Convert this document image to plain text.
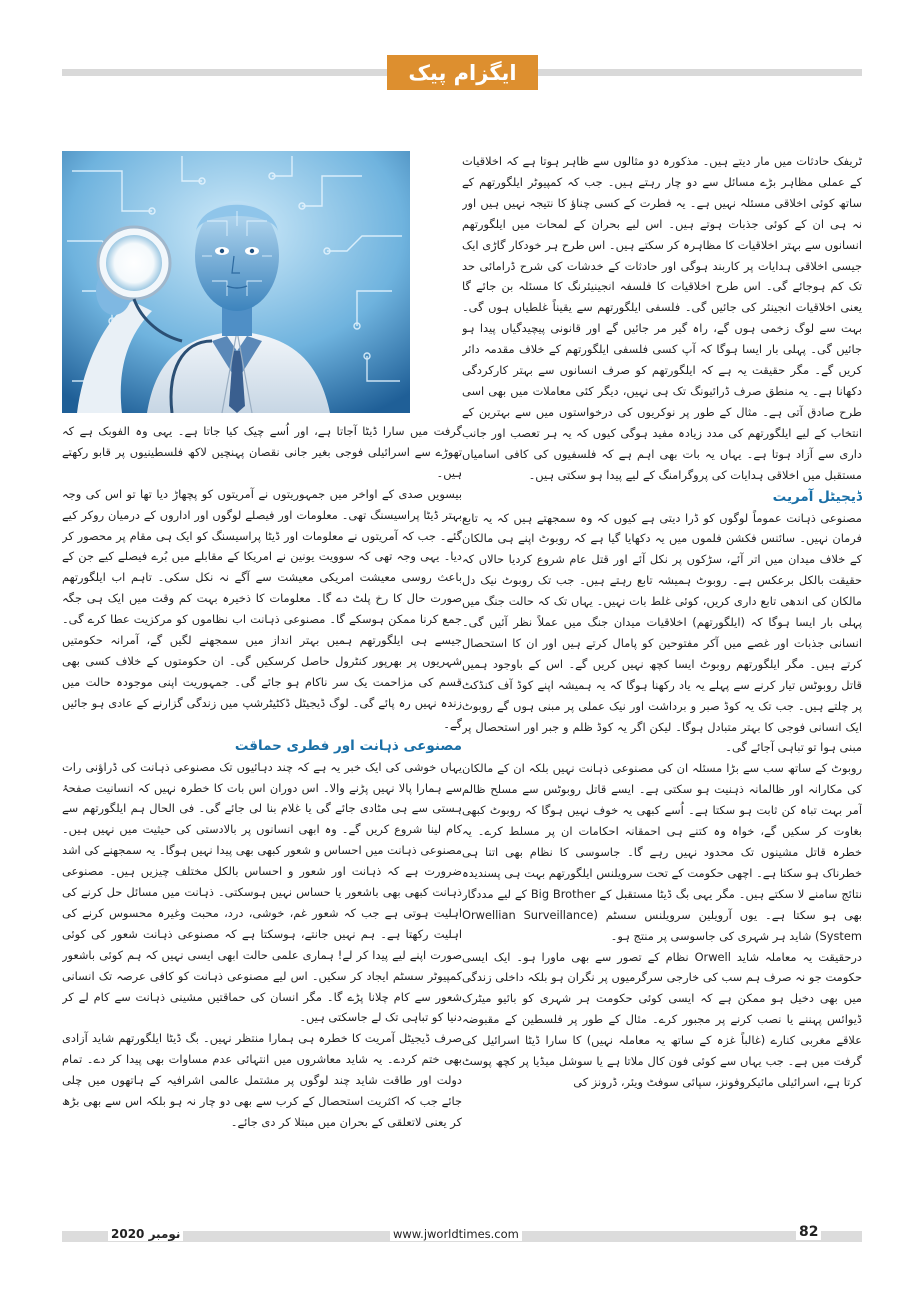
ایگزام پیک

ٹریفک حادثات میں مار دیتے ہیں۔ مذکورہ دو مثالوں سے ظاہر ہوتا ہے کہ اخلاقیات کے عملی مظاہر بڑے مسائل سے دو چار رہتے ہیں۔ جب کہ کمپیوٹر ایلگورتھم کے ساتھ کوئی اخلاقی مسئلہ نہیں ہے۔ یہ فطرت کے کسی چناؤ کا نتیجہ نہیں ہیں اور نہ ہی ان کے کوئی جذبات ہوتے ہیں۔ اس لیے بحران کے لمحات میں ایلگورتھم انسانوں سے بہتر اخلاقیات کا مظاہرہ کر سکتے ہیں۔ اس طرح ہر خودکار گاڑی ایک جیسی اخلاقی ہدایات پر کاربند ہوگی اور حادثات کے خدشات کی شرح ڈرامائی حد تک کم ہوجائے گی۔ اس طرح اخلاقیات کا فلسفہ انجینیئرنگ کا مسئلہ بن جائے گا یعنی اخلاقیات انجینئر کی جائیں گی۔ فلسفی ایلگورتھم سے یقیناً غلطیاں ہوں گی۔ بہت سے لوگ زخمی ہوں گے، راہ گیر مر جائیں گے اور قانونی پیچیدگیاں پیدا ہو جائیں گی۔ پہلی بار ایسا ہوگا کہ آپ کسی فلسفی ایلگورتھم کے خلاف مقدمہ دائر کریں گے۔ مگر حقیقت یہ ہے کہ ایلگورتھم کو صرف انسانوں سے بہتر کارکردگی دکھانا ہے۔ یہ منطق صرف ڈرائیونگ تک ہی نہیں، دیگر کئی معاملات میں بھی اسی طرح صادق آتی ہے۔ مثال کے طور پر نوکریوں کی درخواستوں میں سے بہترین کے انتخاب کے لیے ایلگورتھم کی مدد زیادہ مفید ہوگی کیوں کہ یہ ہر تعصب اور جانب داری سے آزاد ہوتا ہے۔ یہاں یہ بات بھی اہم ہے کہ فلسفیوں کی کافی اسامیاں مستقبل میں اخلاقی ہدایات کی پروگرامنگ کے لیے پیدا ہو سکتی ہیں۔

ڈیجیٹل آمریت

مصنوعی ذہانت عموماً لوگوں کو ڈرا دیتی ہے کیوں کہ وہ سمجھتے ہیں کہ یہ تابع فرمان نہیں۔ سائنس فکشن فلموں میں یہ دکھایا گیا ہے کہ روبوٹ اپنے ہی مالکان کے خلاف میدان میں اتر آئے، سڑکوں پر نکل آئے اور قتل عام شروع کردیا حالاں کہ حقیقت بالکل برعکس ہے۔ روبوٹ ہمیشہ تابع رہتے ہیں۔ جب تک روبوٹ نیک دل مالکان کی اندھی تابع داری کریں، کوئی غلط بات نہیں۔ یہاں تک کہ حالت جنگ میں پہلی بار ایسا ہوگا کہ (ایلگورتھم) اخلاقیات میدان جنگ میں عملاً نظر آئیں گی۔ انسانی جذبات اور غصے میں آکر مفتوحین کو پامال کرتے ہیں اور ان کا استحصال کرتے ہیں۔ مگر ایلگورتھم روبوٹ ایسا کچھ نہیں کریں گے۔ اس کے باوجود ہمیں قاتل روبوٹس تیار کرنے سے پہلے یہ یاد رکھنا ہوگا کہ یہ ہمیشہ اپنے کوڈ آف کنڈکٹ پر چلتے ہیں۔ جب تک یہ کوڈ صبر و برداشت اور نیک عملی پر مبنی ہوں گے روبوٹ ایک انسانی فوجی کا بہتر متبادل ہوگا۔ لیکن اگر یہ کوڈ ظلم و جبر اور استحصال پر مبنی ہوا تو تباہی آجائے گی۔

روبوٹ کے ساتھ سب سے بڑا مسئلہ ان کی مصنوعی ذہانت نہیں بلکہ ان کے مالکان کی مکارانہ اور ظالمانہ ذہنیت ہو سکتی ہے۔ ایسے قاتل روبوٹس سے مسلح ظالم آمر بہت تباہ کن ثابت ہو سکتا ہے۔ اُسے کبھی یہ خوف نہیں ہوگا کہ روبوٹ کبھی بغاوت کر سکیں گے، خواہ وہ کتنے ہی احمقانہ احکامات ان پر مسلط کرے۔ یہ خطرہ قاتل مشینوں تک محدود نہیں رہے گا۔ جاسوسی کا نظام بھی اتنا ہی خطرناک ہو سکتا ہے۔ اچھی حکومت کے تحت سرویلنس ایلگورتھم بہت ہی پسندیدہ نتائج سامنے لا سکتے ہیں۔ مگر یہی بگ ڈیٹا مستقبل کے Big Brother کے لیے مددگار بھی ہو سکتا ہے۔ یوں آرویلین سرویلنس سسٹم (Orwellian Surveillance System) شاید ہر شہری کی جاسوسی پر منتج ہو۔

درحقیقت یہ معاملہ شاید Orwell نظام کے تصور سے بھی ماورا ہو۔ ایک ایسی حکومت جو نہ صرف ہم سب کی خارجی سرگرمیوں پر نگران ہو بلکہ داخلی زندگی میں بھی دخیل ہو ممکن ہے کہ ایسی کوئی حکومت ہر شہری کو بائیو میٹرک ڈیوائس پہننے یا نصب کرنے پر مجبور کرے۔ مثال کے طور پر فلسطین کے مقبوضہ علاقے مغربی کنارے (غالباً غزہ کے ساتھ یہ معاملہ نہیں) کا سارا ڈیٹا اسرائیل کی گرفت میں ہے۔ جب یہاں سے کوئی فون کال ملاتا ہے یا سوشل میڈیا پر کچھ پوسٹ کرتا ہے، اسرائیلی مائیکروفونز، سپائی سوفٹ ویئر، ڈرونز کی

گرفت میں سارا ڈیٹا آجاتا ہے، اور اُسے چیک کیا جاتا ہے۔ یہی وہ الفوبک ہے کہ تھوڑے سے اسرائیلی فوجی بغیر جانی نقصان پہنچیں لاکھ فلسطینیوں پر قابو رکھتے ہیں۔

بیسویں صدی کے اواخر میں جمہوریتوں نے آمریتوں کو پچھاڑ دیا تھا تو اس کی وجہ بہتر ڈیٹا پراسیسنگ تھی۔ معلومات اور فیصلے لوگوں اور اداروں کے درمیان روکر کیے گئے۔ جب کہ آمریتوں نے معلومات اور ڈیٹا پراسیسنگ کو ایک ہی مقام پر محصور کر دیا۔ یہی وجہ تھی کہ سوویت یونین نے امریکا کے مقابلے میں بُرے فیصلے کیے جن کے باعث روسی معیشت امریکی معیشت سے آگے نہ نکل سکی۔ تاہم اب ایلگورتھم صورت حال کا رخ پلٹ دے گا۔ معلومات کا ذخیرہ بہت کم وقت میں ایک ہی جگہ جمع کرنا ممکن ہوسکے گا۔ مصنوعی ذہانت اب نظاموں کو مرکزیت عطا کرے گی۔ جیسے ہی ایلگورتھم ہمیں بہتر انداز میں سمجھنے لگیں گے، آمرانہ حکومتیں شہریوں پر بھرپور کنٹرول حاصل کرسکیں گی۔ ان حکومتوں کے خلاف کسی بھی قسم کی مزاحمت یک سر ناکام ہو جائے گی۔ جمہوریت اپنی موجودہ حالت میں زندہ نہیں رہ پائے گی۔ لوگ ڈیجیٹل ڈکٹیٹرشپ میں زندگی گزارنے کے عادی ہو جائیں گے۔

مصنوعی ذہانت اور فطری حماقت

یہاں خوشی کی ایک خبر یہ ہے کہ چند دہائیوں تک مصنوعی ذہانت کی ڈراؤنی رات سے ہمارا پالا نہیں پڑنے والا۔ اس دوران اس بات کا خطرہ نہیں کہ انسانیت صفحۂ ہستی سے ہی مٹادی جائے گی یا غلام بنا لی جائے گی۔ فی الحال ہم ایلگورتھم سے کام لینا شروع کریں گے۔ وہ ابھی انسانوں پر بالادستی کی حیثیت میں نہیں ہیں۔ مصنوعی ذہانت میں احساس و شعور کبھی بھی پیدا نہیں ہوگا۔ یہ سمجھنے کی اشد ضرورت ہے کہ ذہانت اور شعور و احساس بالکل مختلف چیزیں ہیں۔ مصنوعی ذہانت کبھی بھی باشعور یا حساس نہیں ہوسکتی۔ ذہانت میں مسائل حل کرنے کی اہلیت ہوتی ہے جب کہ شعور غم، خوشی، درد، محبت وغیرہ محسوس کرنے کی اہلیت رکھتا ہے۔ ہم نہیں جانتے، ہوسکتا ہے کہ مصنوعی ذہانت شعور کی کوئی صورت اپنے لیے پیدا کر لے! ہماری علمی حالت ابھی ایسی نہیں کہ ہم کوئی باشعور کمپیوٹر سسٹم ایجاد کر سکیں۔ اس لیے مصنوعی ذہانت کو کافی عرصہ تک انسانی شعور سے کام چلانا پڑے گا۔ مگر انسان کی حماقتیں مشینی ذہانت سے کام لے کر دنیا کو تباہی تک لے جاسکتی ہیں۔

صرف ڈیجیٹل آمریت کا خطرہ ہی ہمارا منتظر نہیں۔ بگ ڈیٹا ایلگورتھم شاید آزادی بھی ختم کردے۔ یہ شاید معاشروں میں انتہائی عدم مساوات بھی پیدا کر دے۔ تمام دولت اور طاقت شاید چند لوگوں پر مشتمل عالمی اشرافیہ کے ہاتھوں میں چلی جائے جب کہ اکثریت استحصال کے کرب سے بھی دو چار نہ ہو بلکہ اس سے بھی بڑھ کر یعنی لاتعلقی کے بحران میں مبتلا کر دی جائے۔

نومبر 2020	www.jworldtimes.com	82
